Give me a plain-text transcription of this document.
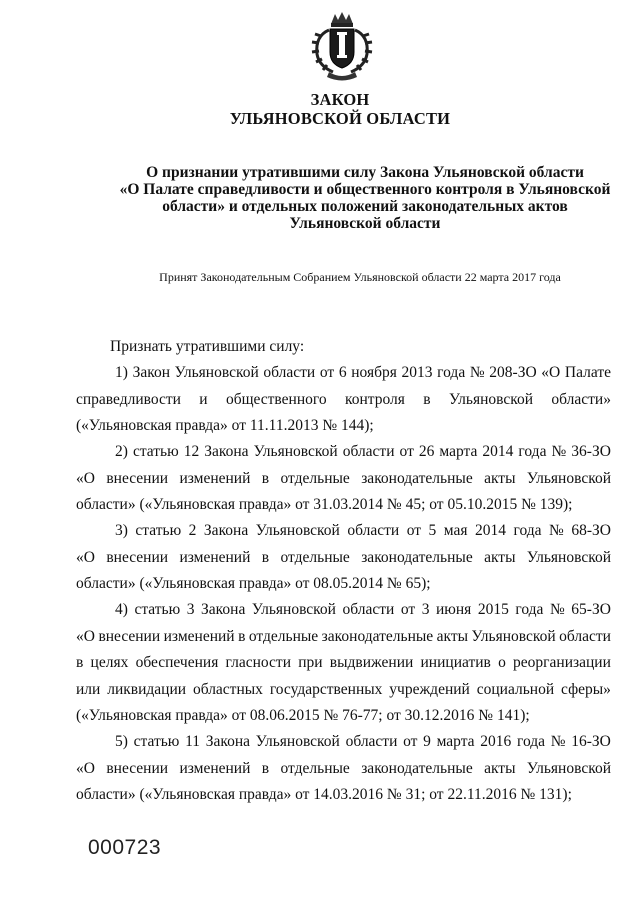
ЗАКОН
УЛЬЯНОВСКОЙ ОБЛАСТИ
О признании утратившими силу Закона Ульяновской области
«О Палате справедливости и общественного контроля в Ульяновской
области» и отдельных положений законодательных актов
Ульяновской области
Принят Законодательным Собранием Ульяновской области 22 марта 2017 года
Признать утратившими силу:
1) Закон Ульяновской области от 6 ноября 2013 года № 208-ЗО «О Палате
справедливости и общественного контроля в Ульяновской области»
(«Ульяновская правда» от 11.11.2013 № 144);
2) статью 12 Закона Ульяновской области от 26 марта 2014 года № 36-ЗО
«О внесении изменений в отдельные законодательные акты Ульяновской
области» («Ульяновская правда» от 31.03.2014 № 45; от 05.10.2015 № 139);
3) статью 2 Закона Ульяновской области от 5 мая 2014 года № 68-ЗО
«О внесении изменений в отдельные законодательные акты Ульяновской
области» («Ульяновская правда» от 08.05.2014 № 65);
4) статью 3 Закона Ульяновской области от 3 июня 2015 года № 65-ЗО
«О внесении изменений в отдельные законодательные акты Ульяновской области
в целях обеспечения гласности при выдвижении инициатив о реорганизации
или ликвидации областных государственных учреждений социальной сферы»
(«Ульяновская правда» от 08.06.2015 № 76-77; от 30.12.2016 № 141);
5) статью 11 Закона Ульяновской области от 9 марта 2016 года № 16-ЗО
«О внесении изменений в отдельные законодательные акты Ульяновской
области» («Ульяновская правда» от 14.03.2016 № 31; от 22.11.2016 № 131);
000723
